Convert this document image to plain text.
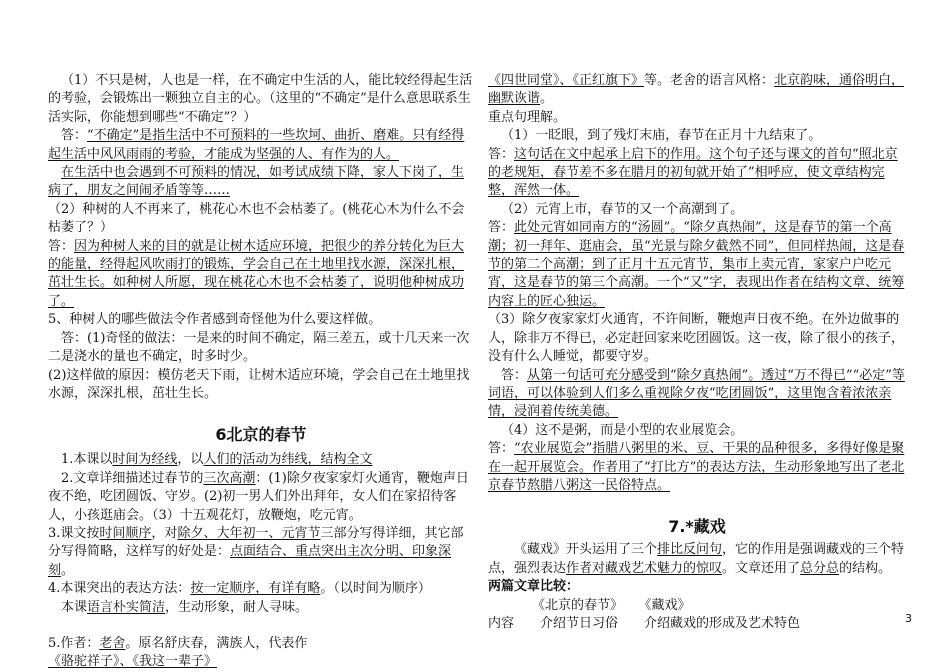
（1）不只是树，人也是一样，在不确定中生活的人，能比较经得起生活的考验，会锻炼出一颗独立自主的心。（这里的“不确定”是什么意思联系生活实际，你能想到哪些“不确定”？）

答：“不确定”是指生活中不可预料的一些坎坷、曲折、磨难。只有经得起生活中风风雨雨的考验，才能成为坚强的人、有作为的人。

在生活中也会遇到不可预料的情况，如考试成绩下降，家人下岗了，生病了，朋友之间闹矛盾等等……

（2）种树的人不再来了，桃花心木也不会枯萎了。(桃花心木为什么不会枯萎了？）

答：因为种树人来的目的就是让树木适应环境，把很少的养分转化为巨大的能量，经得起风吹雨打的锻炼，学会自己在土地里找水源，深深扎根，茁壮生长。如种树人所愿，现在桃花心木也不会枯萎了，说明他种树成功了。

5、种树人的哪些做法令作者感到奇怪他为什么要这样做。

答：(1)奇怪的做法：一是来的时间不确定，隔三差五，或十几天来一次二是浇水的量也不确定，时多时少。

(2)这样做的原因：模仿老天下雨，让树木适应环境，学会自己在土地里找水源，深深扎根，茁壮生长。

6北京的春节

1.本课以时间为经线，以人们的活动为纬线，结构全文

2.文章详细描述过春节的三次高潮：(1)除夕夜家家灯火通宵，鞭炮声日夜不绝，吃团圆饭、守岁。(2)初一男人们外出拜年，女人们在家招待客人，小孩逛庙会。（3）十五观花灯，放鞭炮，吃元宵。

3.课文按时间顺序，对除夕、大年初一、元宵节三部分写得详细，其它部分写得简略，这样写的好处是：点面结合、重点突出主次分明、印象深刻。

4.本课突出的表达方法：按一定顺序，有详有略。（以时间为顺序）

本课语言朴实简洁，生动形象，耐人寻味。

5.作者：老舍。原名舒庆春，满族人，代表作《骆驼祥子》、《我这一辈子》

《四世同堂》、《正红旗下》等。老舍的语言风格：北京韵味，通俗明白，幽默诙谐。

重点句理解。

（1）一眨眼，到了残灯末庙，春节在正月十九结束了。

答：这句话在文中起承上启下的作用。这个句子还与课文的首句“照北京的老规矩，春节差不多在腊月的初旬就开始了”相呼应，使文章结构完整，浑然一体。

（2）元宵上市，春节的又一个高潮到了。

答：此处元宵如同南方的“汤圆”。“除夕真热闹”，这是春节的第一个高潮；初一拜年、逛庙会，虽“光景与除夕截然不同”，但同样热闹，这是春节的第二个高潮；到了正月十五元宵节，集市上卖元宵，家家户户吃元宵，这是春节的第三个高潮。一个“又”字，表现出作者在结构文章、统筹内容上的匠心独运。

（3）除夕夜家家灯火通宵，不许间断，鞭炮声日夜不绝。在外边做事的人，除非万不得已，必定赶回家来吃团圆饭。这一夜，除了很小的孩子，没有什么人睡觉，都要守岁。

答：从第一句话可充分感受到“除夕真热闹”。透过“万不得已”“必定”等词语，可以体验到人们多么重视除夕夜“吃团圆饭”，这里饱含着浓浓亲情，浸润着传统美德。

（4）这不是粥，而是小型的农业展览会。

答：“农业展览会”指腊八粥里的米、豆、干果的品种很多，多得好像是聚在一起开展览会。作者用了“打比方”的表达方法，生动形象地写出了老北京春节熬腊八粥这一民俗特点。

7.*藏戏

《藏戏》开头运用了三个排比反问句，它的作用是强调藏戏的三个特点，强烈表达作者对藏戏艺术魅力的惊叹。文章还用了总分总的结构。

两篇文章比较：

《北京的春节》 《藏戏》

内容 介绍节日习俗 介绍藏戏的形成及艺术特色	3
